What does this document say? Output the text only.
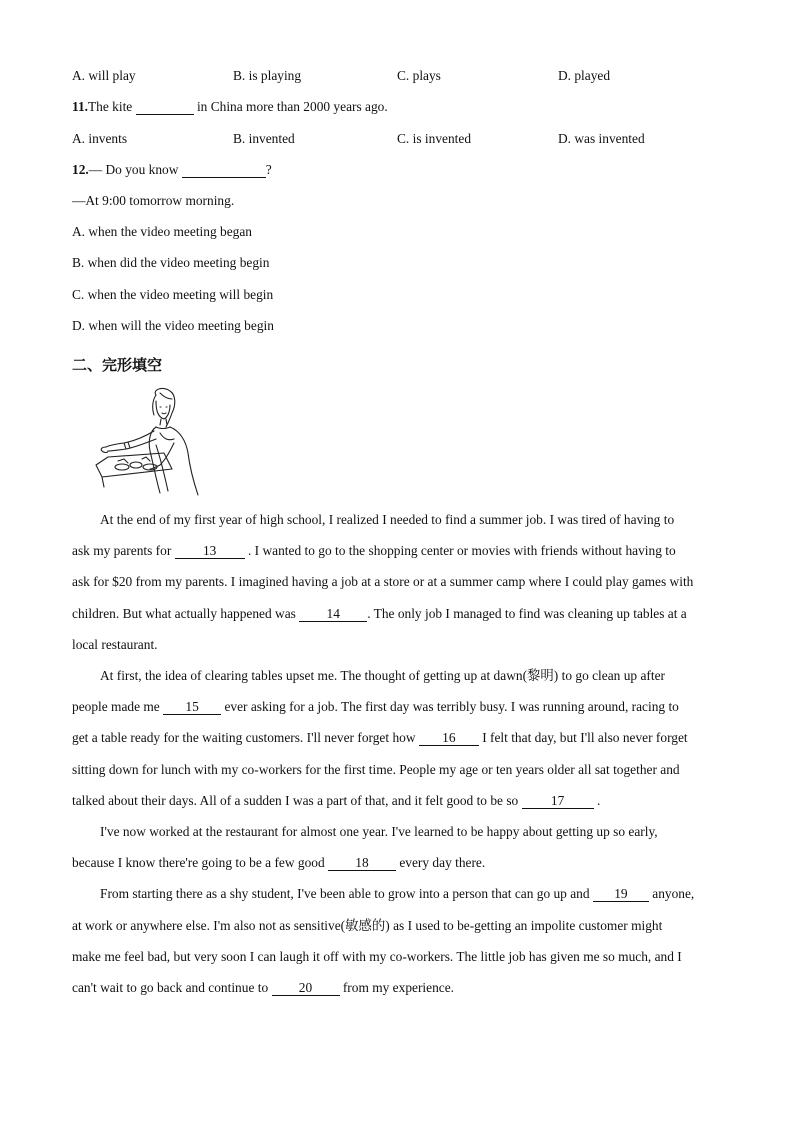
A. will play	B. is playing	C. plays	D. played
11.The kite	in China more than 2000 years ago.
A. invents	B. invented	C. is invented	D. was invented
12.— Do you know	?
—At 9:00 tomorrow morning.
A. when the video meeting began
B. when did the video meeting begin
C. when the video meeting will begin
D. when will the video meeting begin
二、完形填空
At the end of my first year of high school, I realized I needed to find a summer job. I was tired of having to
ask my parents for 13 . I wanted to go to the shopping center or movies with friends without having to
ask for $20 from my parents. I imagined having a job at a store or at a summer camp where I could play games with
children. But what actually happened was 14 . The only job I managed to find was cleaning up tables at a
local restaurant.
At first, the idea of clearing tables upset me. The thought of getting up at dawn(黎明) to go clean up after
people made me 15 ever asking for a job. The first day was terribly busy. I was running around, racing to
get a table ready for the waiting customers. I'll never forget how 16 I felt that day, but I'll also never forget
sitting down for lunch with my co-workers for the first time. People my age or ten years older all sat together and
talked about their days. All of a sudden I was a part of that, and it felt good to be so 17 .
I've now worked at the restaurant for almost one year. I've learned to be happy about getting up so early,
because I know there're going to be a few good 18 every day there.
From starting there as a shy student, I've been able to grow into a person that can go up and 19 anyone,
at work or anywhere else. I'm also not as sensitive(敏感的) as I used to be-getting an impolite customer might
make me feel bad, but very soon I can laugh it off with my co-workers. The little job has given me so much, and I
can't wait to go back and continue to 20 from my experience.
